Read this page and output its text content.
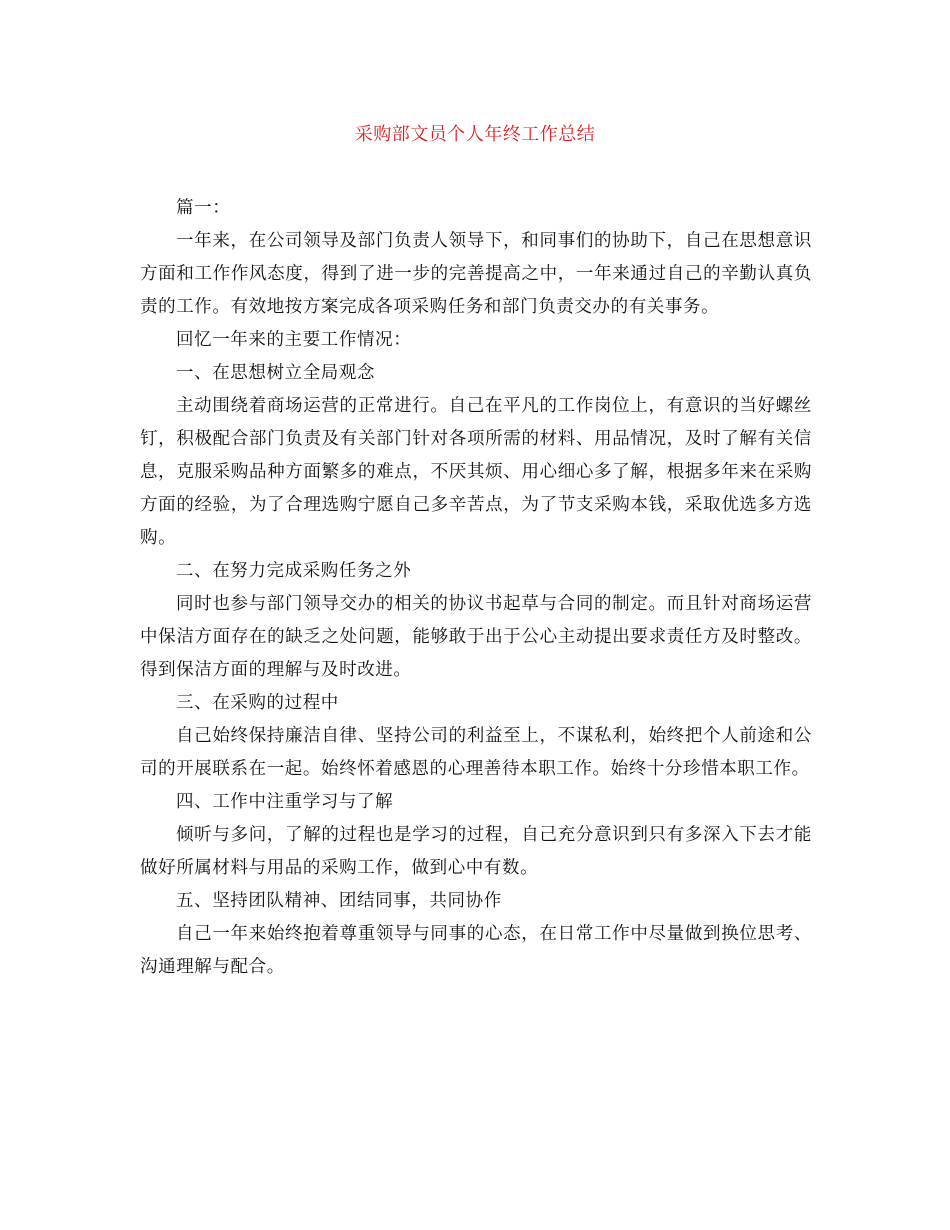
采购部文员个人年终工作总结

篇一：

一年来，在公司领导及部门负责人领导下，和同事们的协助下，自己在思想意识方面和工作作风态度，得到了进一步的完善提高之中，一年来通过自己的辛勤认真负责的工作。有效地按方案完成各项采购任务和部门负责交办的有关事务。

回忆一年来的主要工作情况：

一、在思想树立全局观念

主动围绕着商场运营的正常进行。自己在平凡的工作岗位上，有意识的当好螺丝钉，积极配合部门负责及有关部门针对各项所需的材料、用品情况，及时了解有关信息，克服采购品种方面繁多的难点，不厌其烦、用心细心多了解，根据多年来在采购方面的经验，为了合理选购宁愿自己多辛苦点，为了节支采购本钱，采取优选多方选购。

二、在努力完成采购任务之外

同时也参与部门领导交办的相关的协议书起草与合同的制定。而且针对商场运营中保洁方面存在的缺乏之处问题，能够敢于出于公心主动提出要求责任方及时整改。得到保洁方面的理解与及时改进。

三、在采购的过程中

自己始终保持廉洁自律、坚持公司的利益至上，不谋私利，始终把个人前途和公司的开展联系在一起。始终怀着感恩的心理善待本职工作。始终十分珍惜本职工作。

四、工作中注重学习与了解

倾听与多问，了解的过程也是学习的过程，自己充分意识到只有多深入下去才能做好所属材料与用品的采购工作，做到心中有数。

五、坚持团队精神、团结同事，共同协作

自己一年来始终抱着尊重领导与同事的心态，在日常工作中尽量做到换位思考、沟通理解与配合。
